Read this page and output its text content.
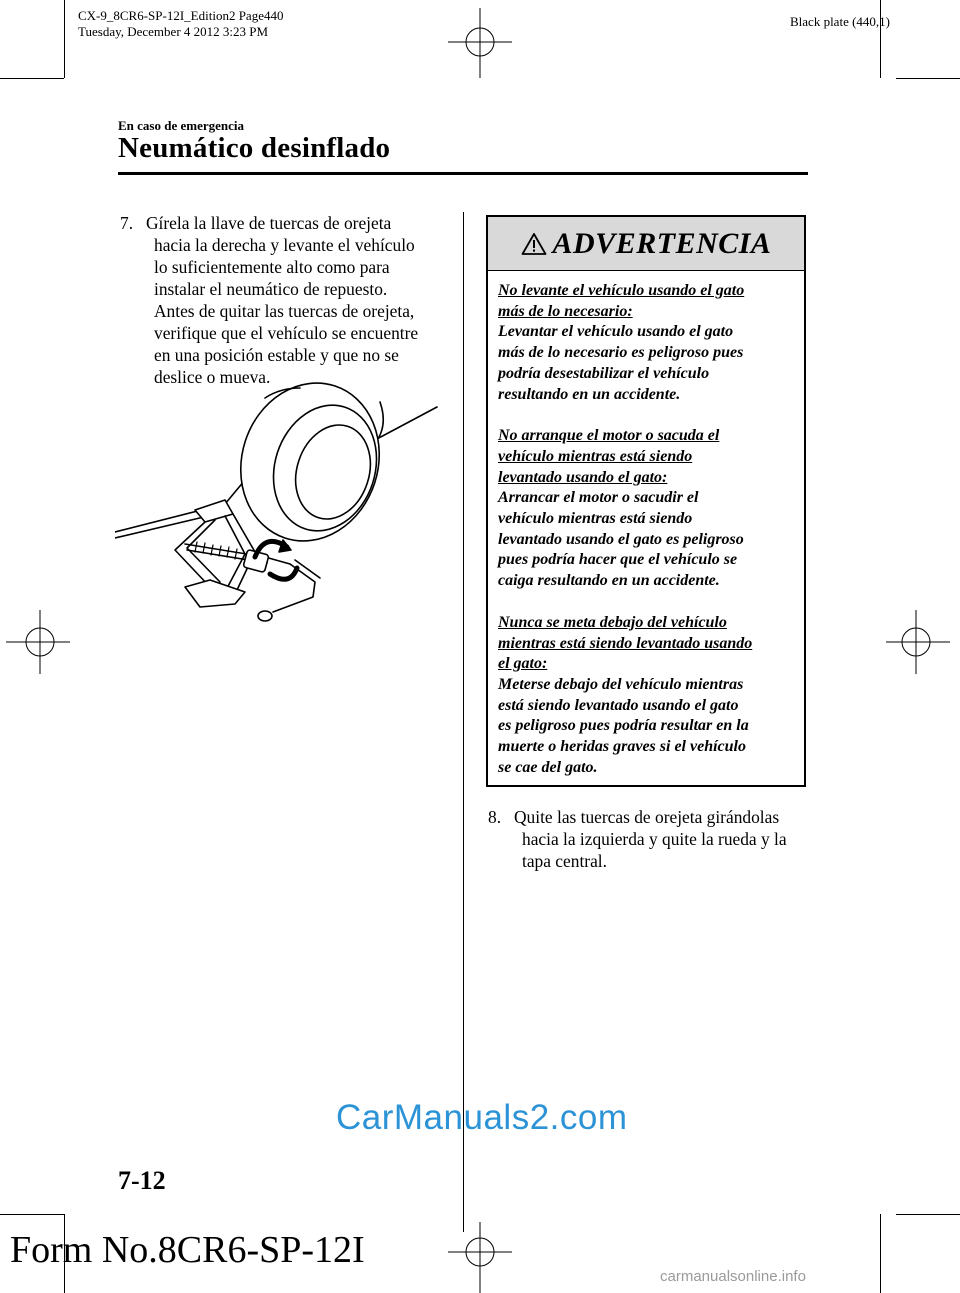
CX-9_8CR6-SP-12I_Edition2 Page440
Tuesday, December 4 2012 3:23 PM
Black plate (440,1)
En caso de emergencia
Neumático desinflado
7. Gírela la llave de tuercas de orejeta
hacia la derecha y levante el vehículo
lo suficientemente alto como para
instalar el neumático de repuesto.
Antes de quitar las tuercas de orejeta,
verifique que el vehículo se encuentre
en una posición estable y que no se
deslice o mueva.
ADVERTENCIA
No levante el vehículo usando el gato
más de lo necesario:
Levantar el vehículo usando el gato
más de lo necesario es peligroso pues
podría desestabilizar el vehículo
resultando en un accidente.
No arranque el motor o sacuda el
vehículo mientras está siendo
levantado usando el gato:
Arrancar el motor o sacudir el
vehículo mientras está siendo
levantado usando el gato es peligroso
pues podría hacer que el vehículo se
caiga resultando en un accidente.
Nunca se meta debajo del vehículo
mientras está siendo levantado usando
el gato:
Meterse debajo del vehículo mientras
está siendo levantado usando el gato
es peligroso pues podría resultar en la
muerte o heridas graves si el vehículo
se cae del gato.
8. Quite las tuercas de orejeta girándolas
hacia la izquierda y quite la rueda y la
tapa central.
CarManuals2.com
7-12
Form No.8CR6-SP-12I
carmanualsonline.info
